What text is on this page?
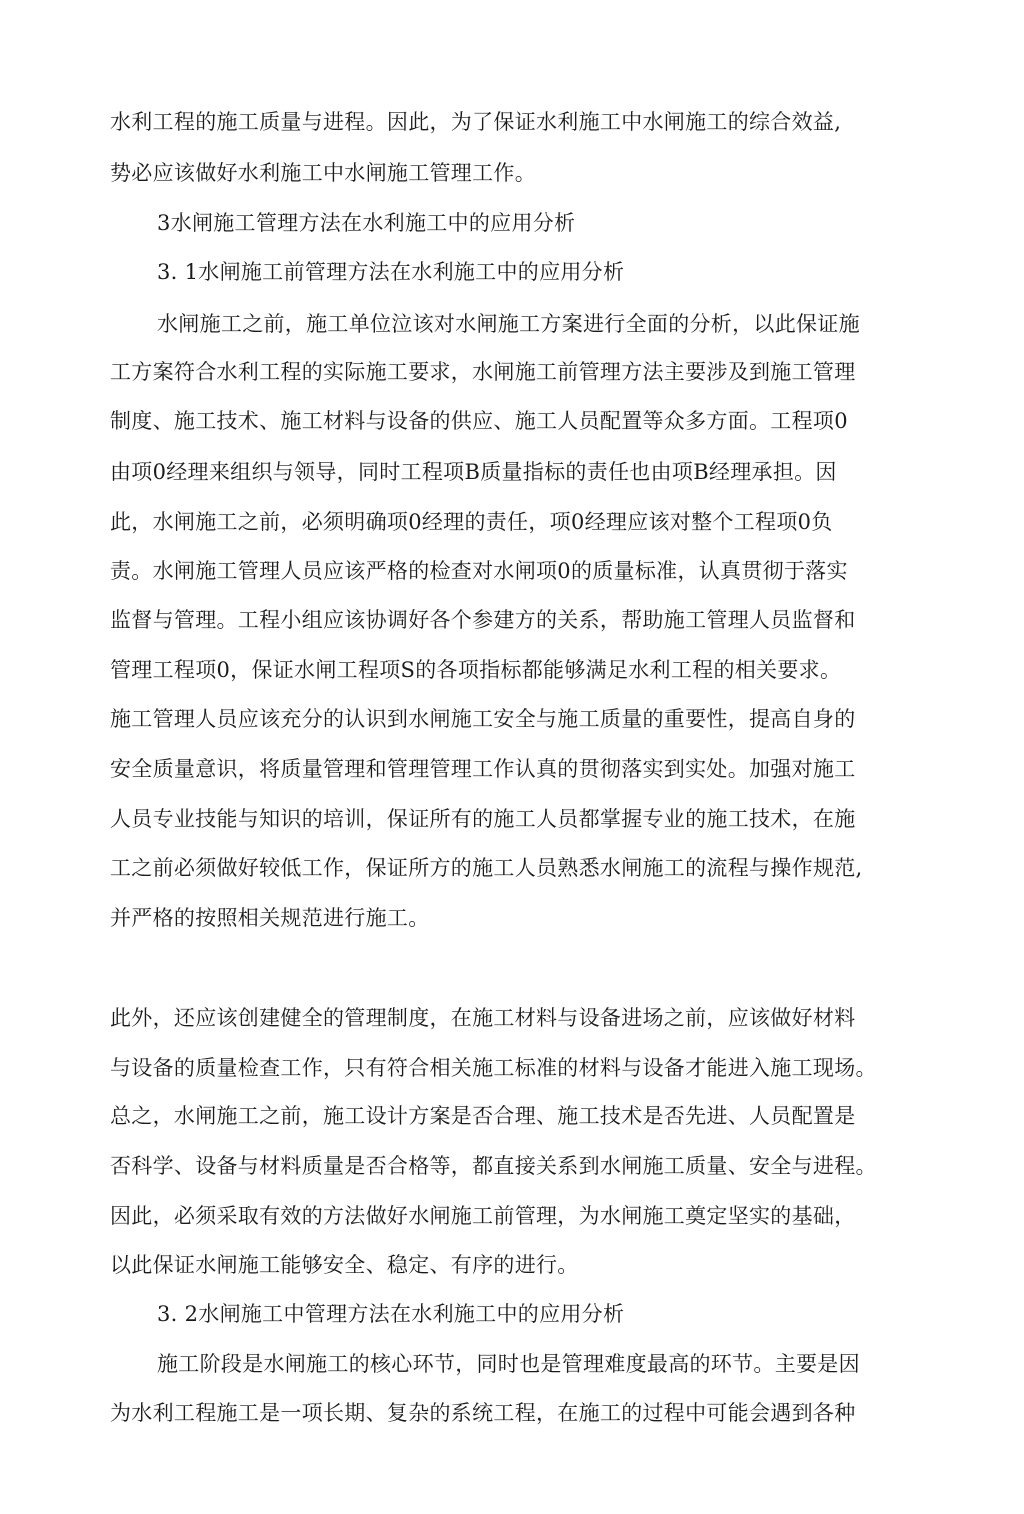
水利工程的施工质量与进程。因此，为了保证水利施工中水闸施工的综合效益,
势必应该做好水利施工中水闸施工管理工作。
3水闸施工管理方法在水利施工中的应用分析
3. 1水闸施工前管理方法在水利施工中的应用分析
水闸施工之前，施工单位泣该对水闸施工方案进行全面的分析，以此保证施
工方案符合水利工程的实际施工要求，水闸施工前管理方法主要涉及到施工管理
制度、施工技术、施工材料与设备的供应、施工人员配置等众多方面。工程项0
由项0经理来组织与领导，同时工程项B质量指标的责任也由项B经理承担。因
此，水闸施工之前，必须明确项0经理的责任，项0经理应该对整个工程项0负
责。水闸施工管理人员应该严格的检查对水闸项0的质量标准，认真贯彻于落实
监督与管理。工程小组应该协调好各个参建方的关系，帮助施工管理人员监督和
管理工程项0，保证水闸工程项S的各项指标都能够满足水利工程的相关要求。
施工管理人员应该充分的认识到水闸施工安全与施工质量的重要性，提高自身的
安全质量意识，将质量管理和管理管理工作认真的贯彻落实到实处。加强对施工
人员专业技能与知识的培训，保证所有的施工人员都掌握专业的施工技术，在施
工之前必须做好较低工作，保证所方的施工人员熟悉水闸施工的流程与操作规范,
并严格的按照相关规范进行施工。
此外，还应该创建健全的管理制度，在施工材料与设备进场之前，应该做好材料
与设备的质量检查工作，只有符合相关施工标准的材料与设备才能进入施工现场。
总之，水闸施工之前，施工设计方案是否合理、施工技术是否先进、人员配置是
否科学、设备与材料质量是否合格等，都直接关系到水闸施工质量、安全与进程。
因此，必须采取有效的方法做好水闸施工前管理，为水闸施工奠定坚实的基础，
以此保证水闸施工能够安全、稳定、有序的进行。
3. 2水闸施工中管理方法在水利施工中的应用分析
施工阶段是水闸施工的核心环节，同时也是管理难度最高的环节。主要是因
为水利工程施工是一项长期、复杂的系统工程，在施工的过程中可能会遇到各种
